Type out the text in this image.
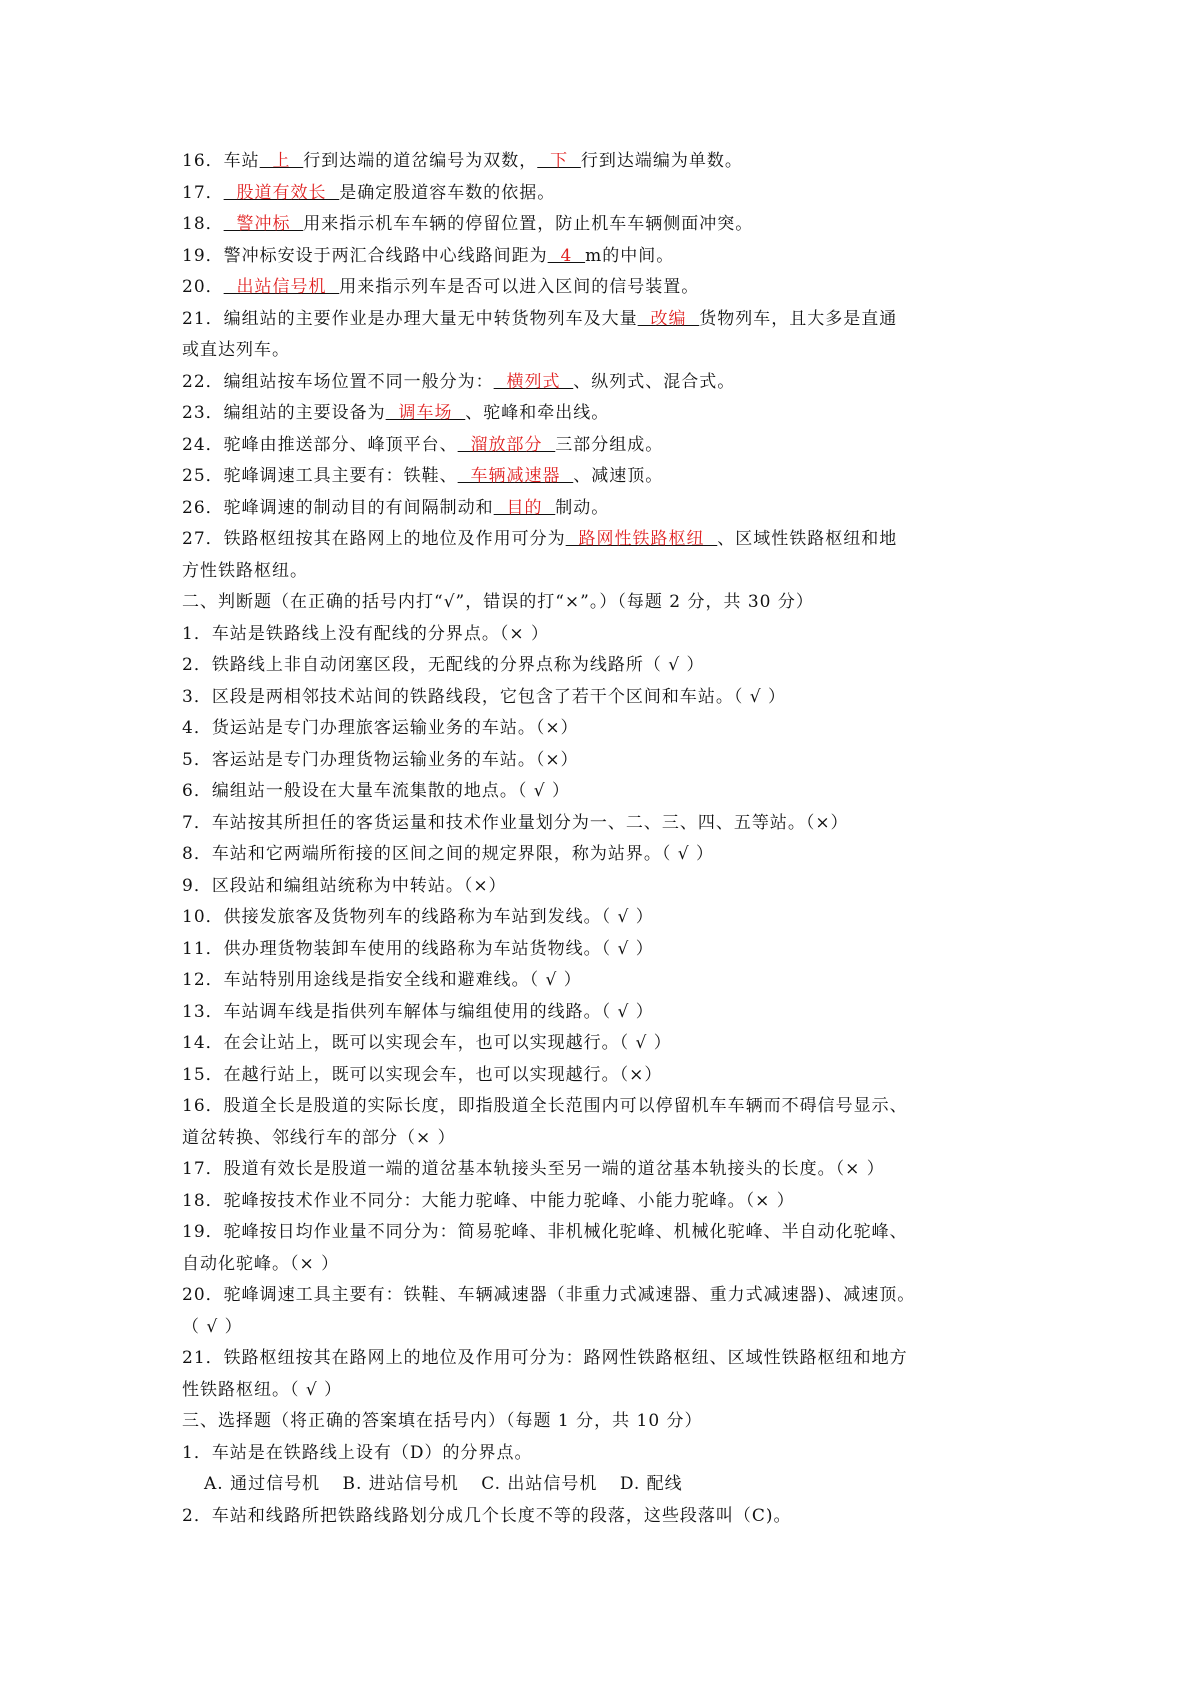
16．车站  上  行到达端的道岔编号为双数，  下  行到达端编为单数。
17．  股道有效长  是确定股道容车数的依据。
18．  警冲标  用来指示机车车辆的停留位置，防止机车车辆侧面冲突。
19．警冲标安设于两汇合线路中心线路间距为  4  m的中间。
20．  出站信号机  用来指示列车是否可以进入区间的信号装置。
21．编组站的主要作业是办理大量无中转货物列车及大量  改编  货物列车，且大多是直通
或直达列车。
22．编组站按车场位置不同一般分为：  横列式  、纵列式、混合式。
23．编组站的主要设备为  调车场  、驼峰和牵出线。
24．驼峰由推送部分、峰顶平台、  溜放部分  三部分组成。
25．驼峰调速工具主要有：铁鞋、  车辆减速器  、减速顶。
26．驼峰调速的制动目的有间隔制动和  目的  制动。
27．铁路枢纽按其在路网上的地位及作用可分为  路网性铁路枢纽  、区域性铁路枢纽和地
方性铁路枢纽。
二、判断题（在正确的括号内打“√”，错误的打“×”。）（每题 2 分，共 30 分）
1．车站是铁路线上没有配线的分界点。（× ）
2．铁路线上非自动闭塞区段，无配线的分界点称为线路所（ √ ）
3．区段是两相邻技术站间的铁路线段，它包含了若干个区间和车站。（ √ ）
4．货运站是专门办理旅客运输业务的车站。（×）
5．客运站是专门办理货物运输业务的车站。（×）
6．编组站一般设在大量车流集散的地点。（ √ ）
7．车站按其所担任的客货运量和技术作业量划分为一、二、三、四、五等站。（×）
8．车站和它两端所衔接的区间之间的规定界限，称为站界。（ √ ）
9．区段站和编组站统称为中转站。（×）
10．供接发旅客及货物列车的线路称为车站到发线。（ √ ）
11．供办理货物装卸车使用的线路称为车站货物线。（ √ ）
12．车站特别用途线是指安全线和避难线。（ √ ）
13．车站调车线是指供列车解体与编组使用的线路。（ √ ）
14．在会让站上，既可以实现会车，也可以实现越行。（ √ ）
15．在越行站上，既可以实现会车，也可以实现越行。（×）
16．股道全长是股道的实际长度，即指股道全长范围内可以停留机车车辆而不碍信号显示、
道岔转换、邻线行车的部分（× ）
17．股道有效长是股道一端的道岔基本轨接头至另一端的道岔基本轨接头的长度。（× ）
18．驼峰按技术作业不同分：大能力驼峰、中能力驼峰、小能力驼峰。（× ）
19．驼峰按日均作业量不同分为：简易驼峰、非机械化驼峰、机械化驼峰、半自动化驼峰、
自动化驼峰。（× ）
20．驼峰调速工具主要有：铁鞋、车辆减速器（非重力式减速器、重力式减速器)、减速顶。
（ √ ）
21．铁路枢纽按其在路网上的地位及作用可分为：路网性铁路枢纽、区域性铁路枢纽和地方
性铁路枢纽。（ √ ）
三、选择题（将正确的答案填在括号内）（每题 1 分，共 10 分）
1．车站是在铁路线上设有（D）的分界点。
A. 通过信号机 B. 进站信号机 C. 出站信号机 D. 配线
2．车站和线路所把铁路线路划分成几个长度不等的段落，这些段落叫（C)。
